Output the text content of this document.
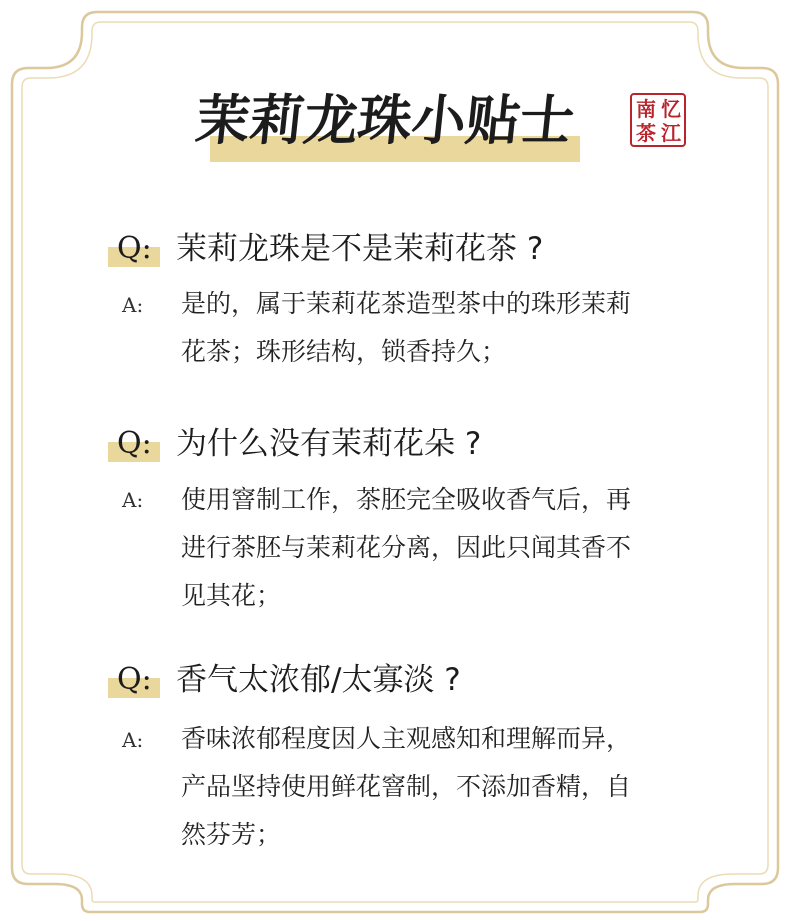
茉莉龙珠小贴士	忆
南
江
茶
Q: 茉莉龙珠是不是茉莉花茶 ?
A: 是的，属于茉莉花茶造型茶中的珠形茉莉
花茶；珠形结构，锁香持久；
Q: 为什么没有茉莉花朵 ?
A: 使用窨制工作，茶胚完全吸收香气后，再
进行茶胚与茉莉花分离，因此只闻其香不
见其花；
Q: 香气太浓郁/太寡淡 ?
A: 香味浓郁程度因人主观感知和理解而异，
产品坚持使用鲜花窨制，不添加香精，自
然芬芳；
